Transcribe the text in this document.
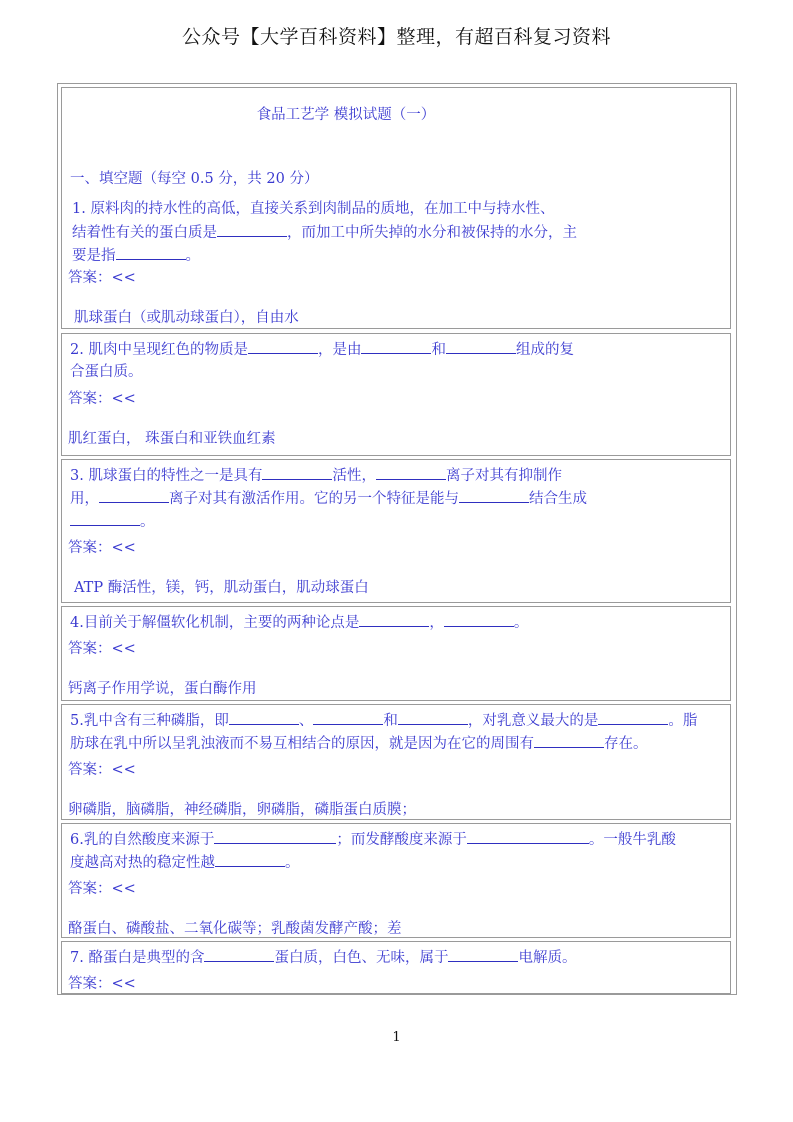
公众号【大学百科资料】整理，有超百科复习资料
食品工艺学 模拟试题（一）
一、填空题（每空 0.5 分，共 20 分）
1. 原料肉的持水性的高低，直接关系到肉制品的质地，在加工中与持水性、
结着性有关的蛋白质是	，而加工中所失掉的水分和被保持的水分，主
要是指	。
答案：<<
肌球蛋白（或肌动球蛋白），自由水
2. 肌肉中呈现红色的物质是	，是由	和	组成的复
合蛋白质。
答案：<<
肌红蛋白， 珠蛋白和亚铁血红素
3. 肌球蛋白的特性之一是具有	活性，	离子对其有抑制作
用，	离子对其有激活作用。它的另一个特征是能与	结合生成
。
答案：<<
ATP 酶活性，镁，钙，肌动蛋白，肌动球蛋白
4.目前关于解僵软化机制，主要的两种论点是	，	。
答案：<<
钙离子作用学说，蛋白酶作用
5.乳中含有三种磷脂，即	、	和	，对乳意义最大的是	。脂
肪球在乳中所以呈乳浊液而不易互相结合的原因，就是因为在它的周围有	存在。
答案：<<
卵磷脂，脑磷脂，神经磷脂，卵磷脂，磷脂蛋白质膜；
6.乳的自然酸度来源于	；而发酵酸度来源于	。一般牛乳酸
度越高对热的稳定性越	。
答案：<<
酪蛋白、磷酸盐、二氧化碳等；乳酸菌发酵产酸；差
7. 酪蛋白是典型的含	蛋白质，白色、无味，属于	电解质。
答案：<<
1
